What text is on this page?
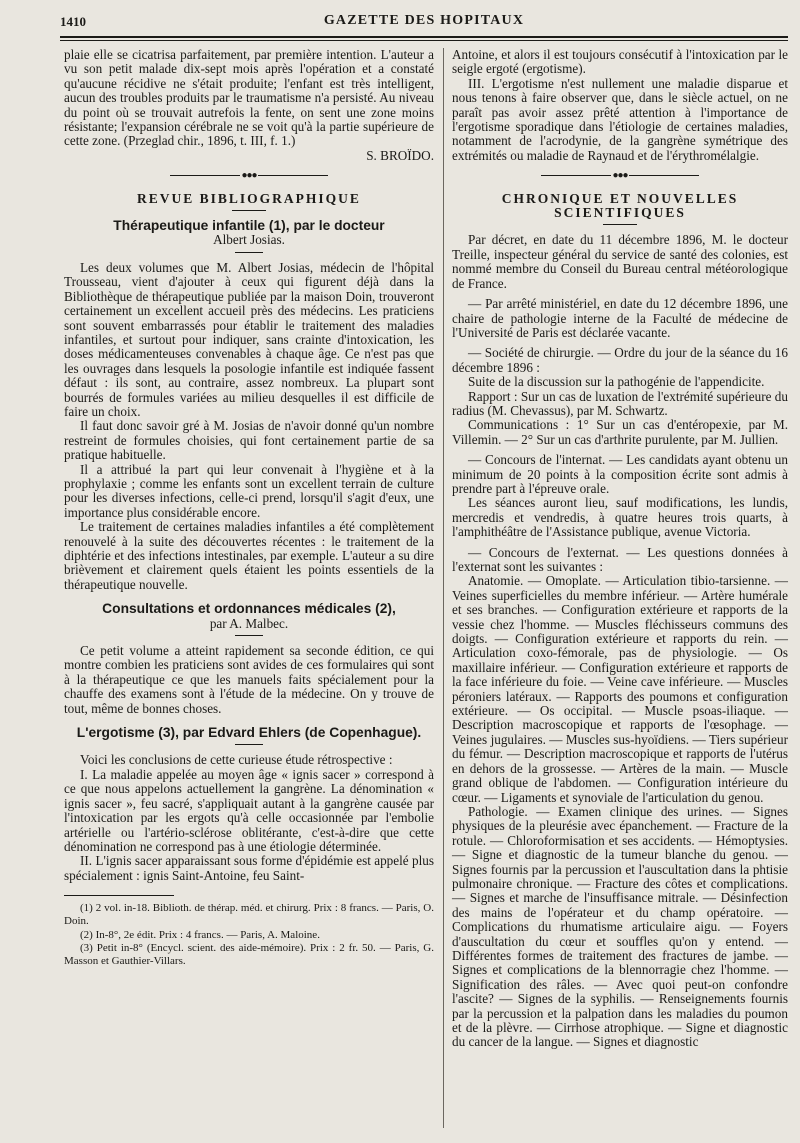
1410	GAZETTE DES HOPITAUX

plaie elle se cicatrisa parfaitement, par première intention. L'auteur a vu son petit malade dix-sept mois après l'opération et a constaté qu'aucune récidive ne s'était produite; l'enfant est très intelligent, aucun des troubles produits par le traumatisme n'a persisté. Au niveau du point où se trouvait autrefois la fente, on sent une zone moins résistante; l'expansion cérébrale ne se voit qu'à la partie supérieure de cette zone. (Przeglad chir., 1896, t. III, f. 1.)

S. BROÏDO.

●●●
REVUE BIBLIOGRAPHIQUE
Thérapeutique infantile (1), par le docteur
Albert Josias.

Les deux volumes que M. Albert Josias, médecin de l'hôpital Trousseau, vient d'ajouter à ceux qui figurent déjà dans la Bibliothèque de thérapeutique publiée par la maison Doin, trouveront certainement un excellent accueil près des médecins. Les praticiens sont souvent embarrassés pour établir le traitement des maladies infantiles, et surtout pour indiquer, sans crainte d'intoxication, les doses médicamenteuses convenables à chaque âge. Ce n'est pas que les ouvrages dans lesquels la posologie infantile est indiquée fassent défaut : ils sont, au contraire, assez nombreux. La plupart sont bourrés de formules variées au milieu desquelles il est difficile de faire un choix.

Il faut donc savoir gré à M. Josias de n'avoir donné qu'un nombre restreint de formules choisies, qui font certainement partie de sa pratique habituelle.

Il a attribué la part qui leur convenait à l'hygiène et à la prophylaxie ; comme les enfants sont un excellent terrain de culture pour les diverses infections, celle-ci prend, lorsqu'il s'agit d'eux, une importance plus considérable encore.

Le traitement de certaines maladies infantiles a été complètement renouvelé à la suite des découvertes récentes : le traitement de la diphtérie et des infections intestinales, par exemple. L'auteur a su dire brièvement et clairement quels étaient les points essentiels de la thérapeutique nouvelle.

Consultations et ordonnances médicales (2),
par A. Malbec.

Ce petit volume a atteint rapidement sa seconde édition, ce qui montre combien les praticiens sont avides de ces formulaires qui sont à la thérapeutique ce que les manuels faits spécialement pour la chauffe des examens sont à l'étude de la médecine. On y trouve de tout, même de bonnes choses.

L'ergotisme (3), par Edvard Ehlers (de Copenhague).

Voici les conclusions de cette curieuse étude rétrospective :

I. La maladie appelée au moyen âge « ignis sacer » correspond à ce que nous appelons actuellement la gangrène. La dénomination « ignis sacer », feu sacré, s'appliquait autant à la gangrène causée par l'intoxication par les ergots qu'à celle occasionnée par l'embolie artérielle ou l'artério-sclérose oblitérante, c'est-à-dire que cette dénomination ne correspond pas à une étiologie déterminée.

II. L'ignis sacer apparaissant sous forme d'épidémie est appelé plus spécialement : ignis Saint-Antoine, feu Saint-

(1) 2 vol. in-18. Biblioth. de thérap. méd. et chirurg. Prix : 8 francs. — Paris, O. Doin.

(2) In-8°, 2e édit. Prix : 4 francs. — Paris, A. Maloine.

(3) Petit in-8° (Encycl. scient. des aide-mémoire). Prix : 2 fr. 50. — Paris, G. Masson et Gauthier-Villars.

Antoine, et alors il est toujours consécutif à l'intoxication par le seigle ergoté (ergotisme).

III. L'ergotisme n'est nullement une maladie disparue et nous tenons à faire observer que, dans le siècle actuel, on ne paraît pas avoir assez prêté attention à l'importance de l'ergotisme sporadique dans l'étiologie de certaines maladies, notamment de l'acrodynie, de la gangrène symétrique des extrémités ou maladie de Raynaud et de l'érythromélalgie.

●●●
CHRONIQUE ET NOUVELLES SCIENTIFIQUES

Par décret, en date du 11 décembre 1896, M. le docteur Treille, inspecteur général du service de santé des colonies, est nommé membre du Conseil du Bureau central météorologique de France.

— Par arrêté ministériel, en date du 12 décembre 1896, une chaire de pathologie interne de la Faculté de médecine de l'Université de Paris est déclarée vacante.

— Société de chirurgie. — Ordre du jour de la séance du 16 décembre 1896 :

Suite de la discussion sur la pathogénie de l'appendicite.

Rapport : Sur un cas de luxation de l'extrémité supérieure du radius (M. Chevassus), par M. Schwartz.

Communications : 1° Sur un cas d'entéropexie, par M. Villemin. — 2° Sur un cas d'arthrite purulente, par M. Jullien.

— Concours de l'internat. — Les candidats ayant obtenu un minimum de 20 points à la composition écrite sont admis à prendre part à l'épreuve orale.

Les séances auront lieu, sauf modifications, les lundis, mercredis et vendredis, à quatre heures trois quarts, à l'amphithéâtre de l'Assistance publique, avenue Victoria.

— Concours de l'externat. — Les questions données à l'externat sont les suivantes :

Anatomie. — Omoplate. — Articulation tibio-tarsienne. — Veines superficielles du membre inférieur. — Artère humérale et ses branches. — Configuration extérieure et rapports de la vessie chez l'homme. — Muscles fléchisseurs communs des doigts. — Configuration extérieure et rapports du rein. — Articulation coxo-fémorale, pas de physiologie. — Os maxillaire inférieur. — Configuration extérieure et rapports de la face inférieure du foie. — Veine cave inférieure. — Muscles péroniers latéraux. — Rapports des poumons et configuration extérieure. — Os occipital. — Muscle psoas-iliaque. — Description macroscopique et rapports de l'œsophage. — Veines jugulaires. — Muscles sus-hyoïdiens. — Tiers supérieur du fémur. — Description macroscopique et rapports de l'utérus en dehors de la grossesse. — Artères de la main. — Muscle grand oblique de l'abdomen. — Configuration intérieure du cœur. — Ligaments et synoviale de l'articulation du genou.

Pathologie. — Examen clinique des urines. — Signes physiques de la pleurésie avec épanchement. — Fracture de la rotule. — Chloroformisation et ses accidents. — Hémoptysies. — Signe et diagnostic de la tumeur blanche du genou. — Signes fournis par la percussion et l'auscultation dans la phtisie pulmonaire chronique. — Fracture des côtes et complications. — Signes et marche de l'insuffisance mitrale. — Désinfection des mains de l'opérateur et du champ opératoire. — Complications du rhumatisme articulaire aigu. — Foyers d'auscultation du cœur et souffles qu'on y entend. — Différentes formes de traitement des fractures de jambe. — Signes et complications de la blennorragie chez l'homme. — Signification des râles. — Avec quoi peut-on confondre l'ascite? — Signes de la syphilis. — Renseignements fournis par la percussion et la palpation dans les maladies du poumon et de la plèvre. — Cirrhose atrophique. — Signe et diagnostic du cancer de la langue. — Signes et diagnostic
